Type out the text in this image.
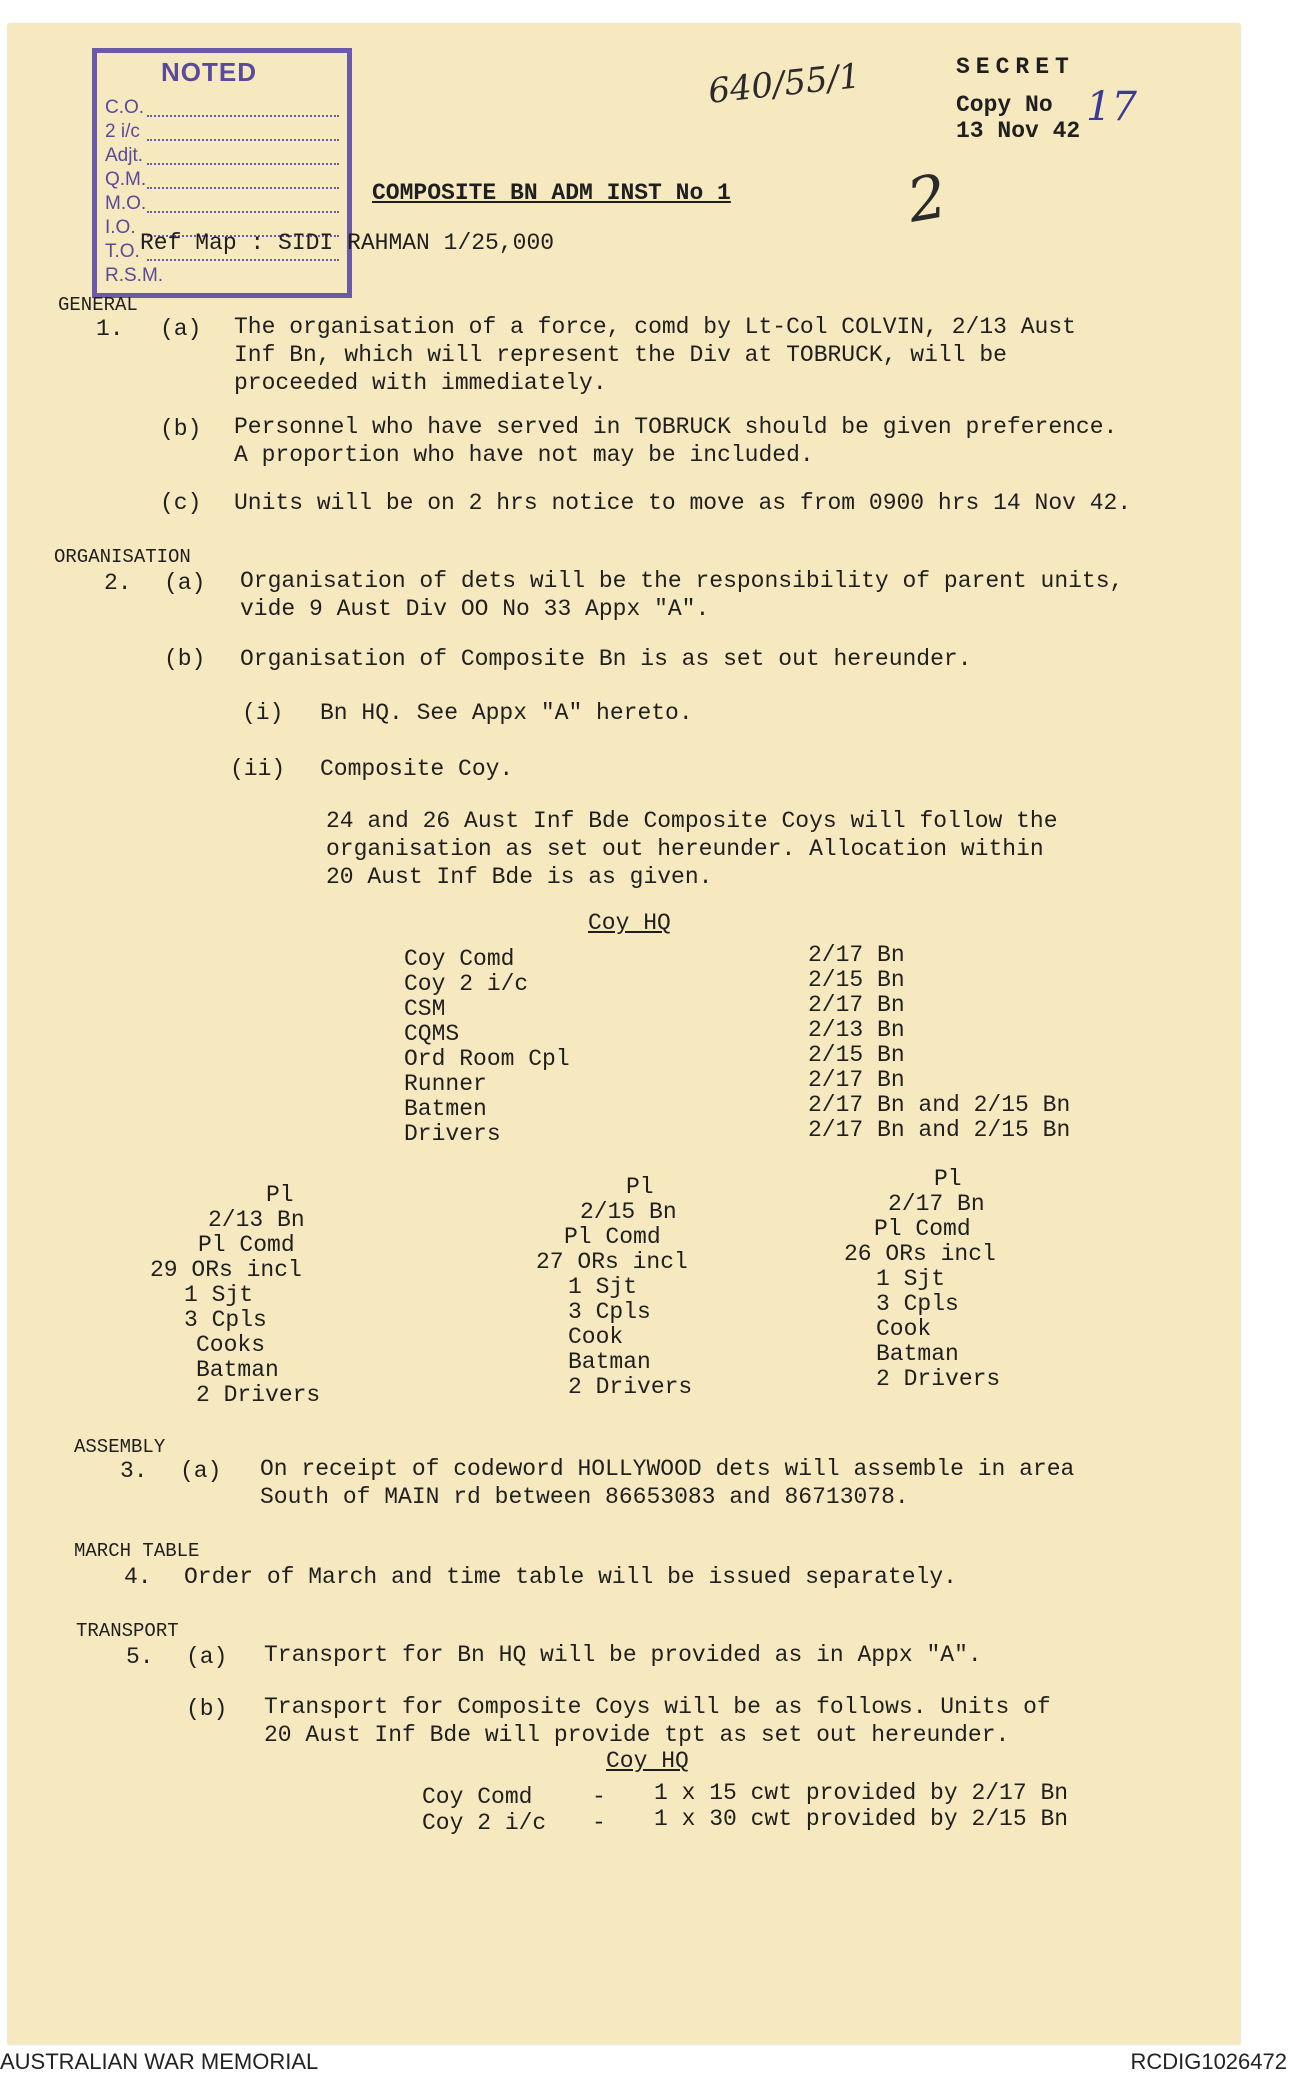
NOTED
C.O.
2 i/c
Adjt.
Q.M.
M.O.
I.O.
T.O.
R.S.M.
640/55/1	17
2
SECRET
Copy No
13 Nov 42
COMPOSITE BN ADM INST No 1
Ref Map : SIDI RAHMAN 1/25,000
GENERAL
1. (a) The organisation of a force, comd by Lt-Col COLVIN, 2/13 Aust
Inf Bn, which will represent the Div at TOBRUCK, will be
proceeded with immediately.
(b) Personnel who have served in TOBRUCK should be given preference.
A proportion who have not may be included.
(c) Units will be on 2 hrs notice to move as from 0900 hrs 14 Nov 42.
ORGANISATION
2. (a) Organisation of dets will be the responsibility of parent units,
vide 9 Aust Div OO No 33 Appx "A".
(b) Organisation of Composite Bn is as set out hereunder.
(i) Bn HQ. See Appx "A" hereto.
(ii) Composite Coy.
24 and 26 Aust Inf Bde Composite Coys will follow the
organisation as set out hereunder. Allocation within
20 Aust Inf Bde is as given.
Coy HQ
Coy Comd	2/17 Bn
Coy 2 i/c	2/15 Bn
CSM	2/17 Bn
CQMS	2/13 Bn
Ord Room Cpl	2/15 Bn
Runner	2/17 Bn
Batmen	2/17 Bn and 2/15 Bn
Drivers	2/17 Bn and 2/15 Bn
Pl
2/13 Bn
Pl Comd
29 ORs incl
1 Sjt
3 Cpls
Cooks
Batman
2 Drivers
Pl
2/15 Bn
Pl Comd
27 ORs incl
1 Sjt
3 Cpls
Cook
Batman
2 Drivers
Pl
2/17 Bn
Pl Comd
26 ORs incl
1 Sjt
3 Cpls
Cook
Batman
2 Drivers
ASSEMBLY
3. (a) On receipt of codeword HOLLYWOOD dets will assemble in area
South of MAIN rd between 86653083 and 86713078.
MARCH TABLE
4. Order of March and time table will be issued separately.
TRANSPORT
5. (a) Transport for Bn HQ will be provided as in Appx "A".
(b) Transport for Composite Coys will be as follows. Units of
20 Aust Inf Bde will provide tpt as set out hereunder.
Coy HQ
Coy Comd	- 1 x 15 cwt provided by 2/17 Bn
Coy 2 i/c - 1 x 30 cwt provided by 2/15 Bn
AUSTRALIAN WAR MEMORIAL	RCDIG1026472
